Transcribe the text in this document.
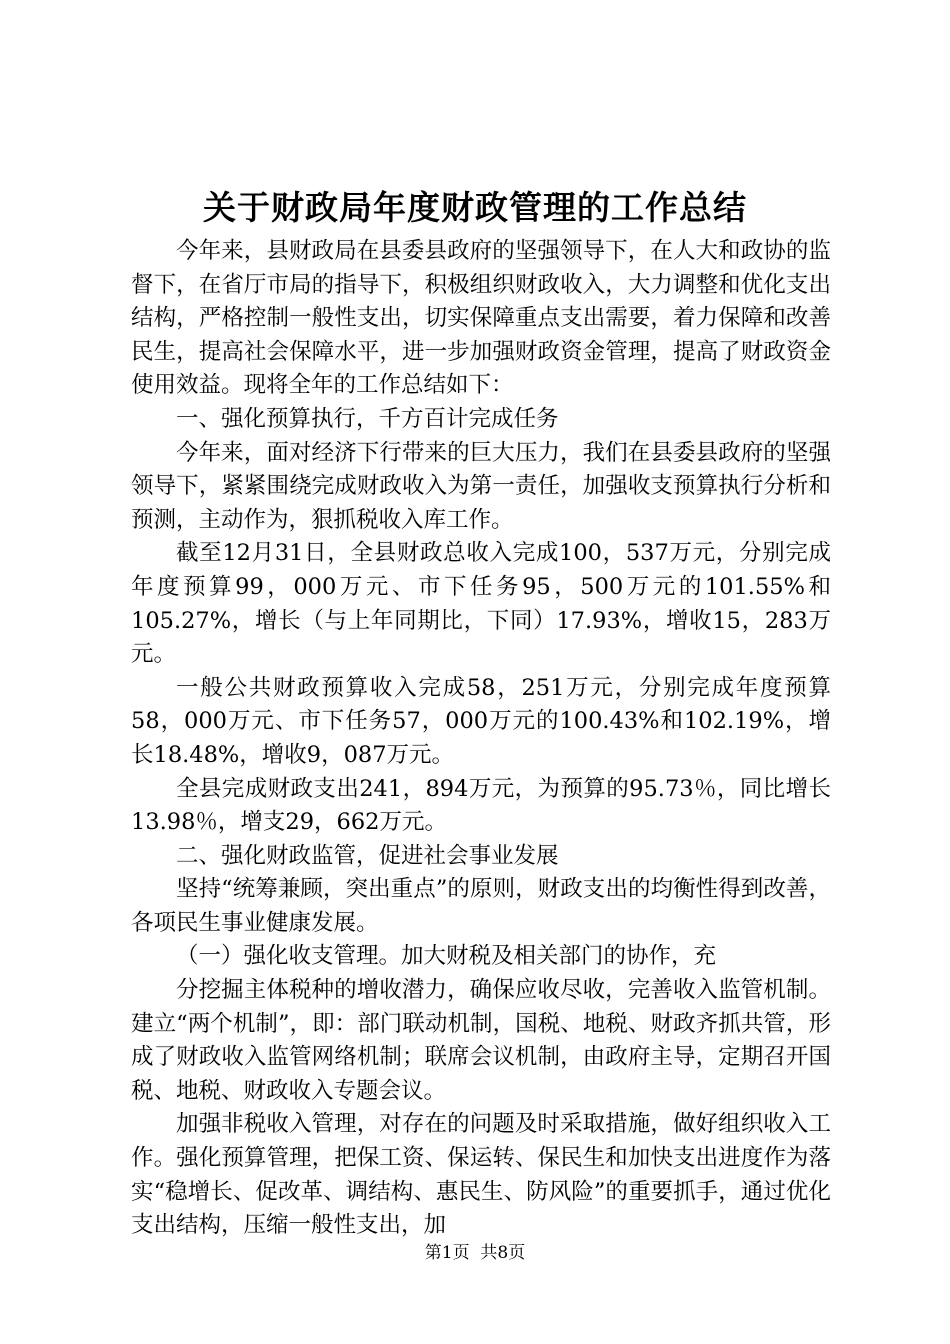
关于财政局年度财政管理的工作总结

今年来，县财政局在县委县政府的坚强领导下，在人大和政协的监督下，在省厅市局的指导下，积极组织财政收入，大力调整和优化支出结构，严格控制一般性支出，切实保障重点支出需要，着力保障和改善民生，提高社会保障水平，进一步加强财政资金管理，提高了财政资金使用效益。现将全年的工作总结如下：

一、强化预算执行，千方百计完成任务

今年来，面对经济下行带来的巨大压力，我们在县委县政府的坚强领导下，紧紧围绕完成财政收入为第一责任，加强收支预算执行分析和预测，主动作为，狠抓税收入库工作。

截至12月31日，全县财政总收入完成100，537万元，分别完成年度预算99，000万元、市下任务95，500万元的101.55%和105.27%，增长（与上年同期比，下同）17.93%，增收15，283万元。

一般公共财政预算收入完成58，251万元，分别完成年度预算58，000万元、市下任务57，000万元的100.43%和102.19%，增长18.48%，增收9，087万元。

全县完成财政支出241，894万元，为预算的95.73％，同比增长13.98％，增支29，662万元。

二、强化财政监管，促进社会事业发展

坚持“统筹兼顾，突出重点”的原则，财政支出的均衡性得到改善，各项民生事业健康发展。

（一）强化收支管理。加大财税及相关部门的协作，充

分挖掘主体税种的增收潜力，确保应收尽收，完善收入监管机制。建立“两个机制”，即：部门联动机制，国税、地税、财政齐抓共管，形成了财政收入监管网络机制；联席会议机制，由政府主导，定期召开国税、地税、财政收入专题会议。

加强非税收入管理，对存在的问题及时采取措施，做好组织收入工作。强化预算管理，把保工资、保运转、保民生和加快支出进度作为落实“稳增长、促改革、调结构、惠民生、防风险”的重要抓手，通过优化支出结构，压缩一般性支出，加

第1页  共8页
